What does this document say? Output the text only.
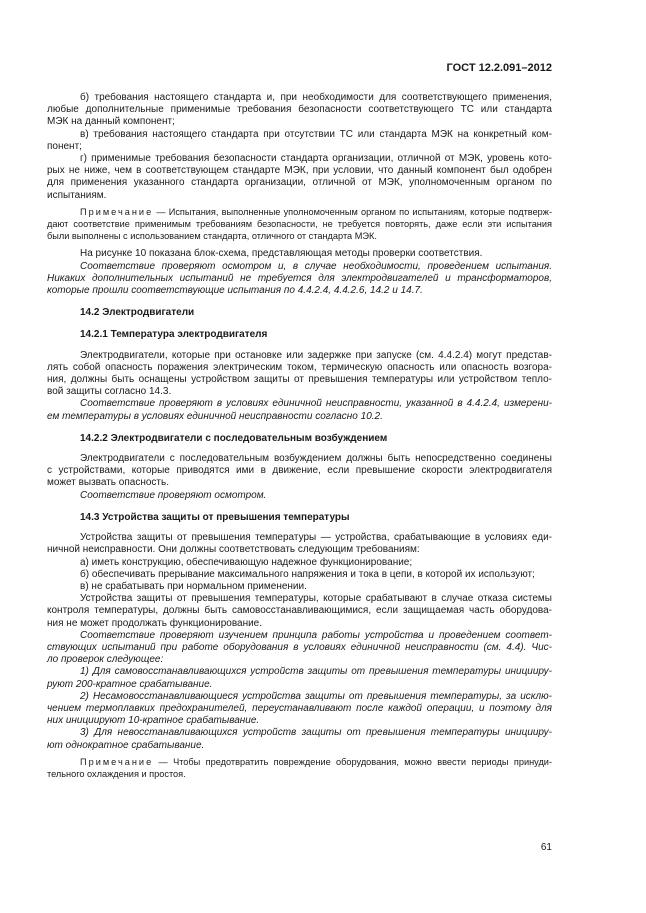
ГОСТ 12.2.091–2012
б) требования настоящего стандарта и, при необходимости для соответствующего применения,
любые дополнительные применимые требования безопасности соответствующего ТС или стандарта
МЭК на данный компонент;
в) требования настоящего стандарта при отсутствии ТС или стандарта МЭК на конкретный ком-
понент;
г) применимые требования безопасности стандарта организации, отличной от МЭК, уровень кото-
рых не ниже, чем в соответствующем стандарте МЭК, при условии, что данный компонент был одобрен
для применения указанного стандарта организации, отличной от МЭК, уполномоченным органом по
испытаниям.
Примечание — Испытания, выполненные уполномоченным органом по испытаниям, которые подтверж-
дают соответствие применимым требованиям безопасности, не требуется повторять, даже если эти испытания
были выполнены с использованием стандарта, отличного от стандарта МЭК.
На рисунке 10 показана блок-схема, представляющая методы проверки соответствия.
Соответствие проверяют осмотром и, в случае необходимости, проведением испытания.
Никаких дополнительных испытаний не требуется для электродвигателей и трансформаторов,
которые прошли соответствующие испытания по 4.4.2.4, 4.4.2.6, 14.2 и 14.7.
14.2 Электродвигатели
14.2.1 Температура электродвигателя
Электродвигатели, которые при остановке или задержке при запуске (см. 4.4.2.4) могут представ-
лять собой опасность поражения электрическим током, термическую опасность или опасность возгора-
ния, должны быть оснащены устройством защиты от превышения температуры или устройством тепло-
вой защиты согласно 14.3.
Соответствие проверяют в условиях единичной неисправности, указанной в 4.4.2.4, измерени-
ем температуры в условиях единичной неисправности согласно 10.2.
14.2.2 Электродвигатели с последовательным возбуждением
Электродвигатели с последовательным возбуждением должны быть непосредственно соединены
с устройствами, которые приводятся ими в движение, если превышение скорости электродвигателя
может вызвать опасность.
Соответствие проверяют осмотром.
14.3 Устройства защиты от превышения температуры
Устройства защиты от превышения температуры — устройства, срабатывающие в условиях еди-
ничной неисправности. Они должны соответствовать следующим требованиям:
а) иметь конструкцию, обеспечивающую надежное функционирование;
б) обеспечивать прерывание максимального напряжения и тока в цепи, в которой их используют;
в) не срабатывать при нормальном применении.
Устройства защиты от превышения температуры, которые срабатывают в случае отказа системы
контроля температуры, должны быть самовосстанавливающимися, если защищаемая часть оборудова-
ния не может продолжать функционирование.
Соответствие проверяют изучением принципа работы устройства и проведением соответ-
ствующих испытаний при работе оборудования в условиях единичной неисправности (см. 4.4). Чис-
ло проверок следующее:
1) Для самовосстанавливающихся устройств защиты от превышения температуры иницииру-
руют 200-кратное срабатывание.
2) Несамовосстанавливающиеся устройства защиты от превышения температуры, за исклю-
чением термоплавких предохранителей, переустанавливают после каждой операции, и поэтому для
них инициируют 10-кратное срабатывание.
3) Для невосстанавливающихся устройств защиты от превышения температуры иницииру-
ют однократное срабатывание.
Примечание — Чтобы предотвратить повреждение оборудования, можно ввести периоды принуди-
тельного охлаждения и простоя.
61
